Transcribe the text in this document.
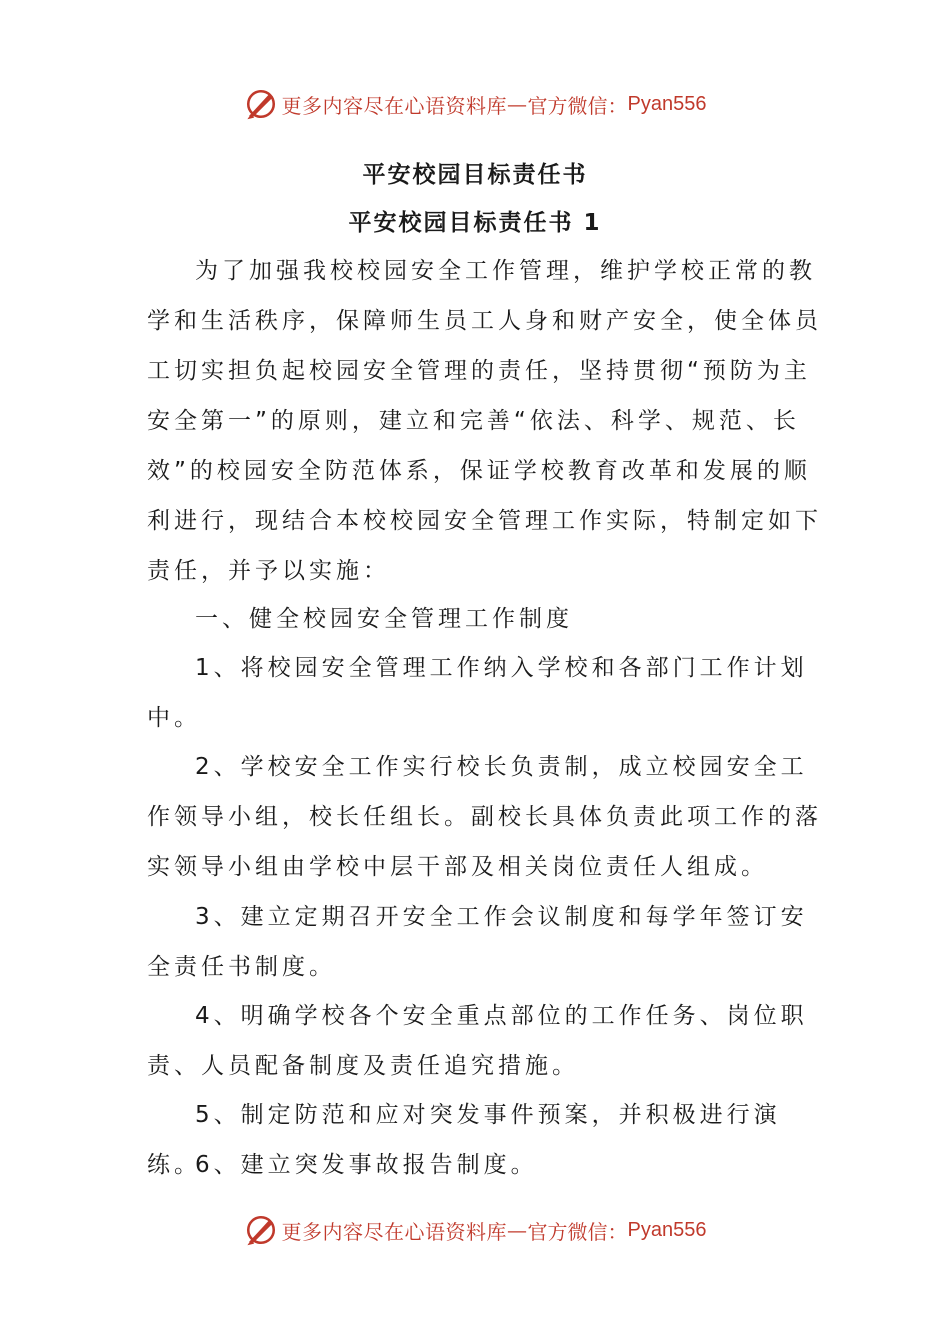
更多内容尽在心语资料库 — 官方微信： Pyan556
平安校园目标责任书
平安校园目标责任书 1

为了加强我校校园安全工作管理，维护学校正常的教学和生活秩序，保障师生员工人身和财产安全，使全体员工切实担负起校园安全管理的责任，坚持贯彻“预防为主安全第一”的原则，建立和完善“依法、科学、规范、长效”的校园安全防范体系，保证学校教育改革和发展的顺利进行，现结合本校校园安全管理工作实际，特制定如下责任，并予以实施：

一、健全校园安全管理工作制度

1、将校园安全管理工作纳入学校和各部门工作计划中。

2、学校安全工作实行校长负责制，成立校园安全工作领导小组，校长任组长。副校长具体负责此项工作的落实领导小组由学校中层干部及相关岗位责任人组成。

3、建立定期召开安全工作会议制度和每学年签订安全责任书制度。

4、明确学校各个安全重点部位的工作任务、岗位职责、人员配备制度及责任追究措施。

5、制定防范和应对突发事件预案，并积极进行演练。

6、建立突发事故报告制度。

更多内容尽在心语资料库 — 官方微信： Pyan556
